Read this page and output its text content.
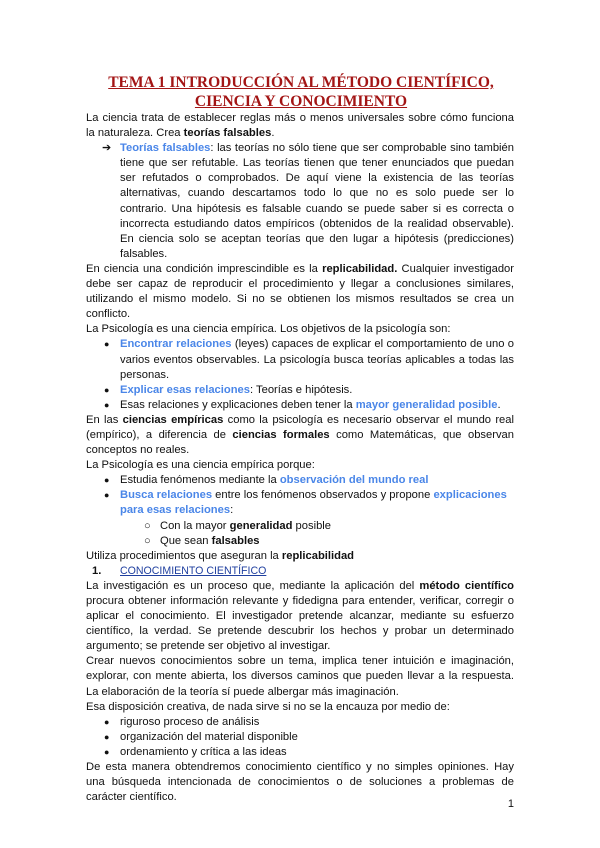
TEMA 1 INTRODUCCIÓN AL MÉTODO CIENTÍFICO,
CIENCIA Y CONOCIMIENTO

La ciencia trata de establecer reglas más o menos universales sobre cómo funciona la naturaleza. Crea teorías falsables.

➔ Teorías falsables: las teorías no sólo tiene que ser comprobable sino también tiene que ser refutable. Las teorías tienen que tener enunciados que puedan ser refutados o comprobados. De aquí viene la existencia de las teorías alternativas, cuando descartamos todo lo que no es solo puede ser lo contrario. Una hipótesis es falsable cuando se puede saber si es correcta o incorrecta estudiando datos empíricos (obtenidos de la realidad observable). En ciencia solo se aceptan teorías que den lugar a hipótesis (predicciones) falsables.

En ciencia una condición imprescindible es la replicabilidad. Cualquier investigador debe ser capaz de reproducir el procedimiento y llegar a conclusiones similares, utilizando el mismo modelo. Si no se obtienen los mismos resultados se crea un conflicto.

La Psicología es una ciencia empírica. Los objetivos de la psicología son:

● Encontrar relaciones (leyes) capaces de explicar el comportamiento de uno o varios eventos observables. La psicología busca teorías aplicables a todas las personas.
● Explicar esas relaciones: Teorías e hipótesis.
● Esas relaciones y explicaciones deben tener la mayor generalidad posible.

En las ciencias empíricas como la psicología es necesario observar el mundo real (empírico), a diferencia de ciencias formales como Matemáticas, que observan conceptos no reales.

La Psicología es una ciencia empírica porque:

● Estudia fenómenos mediante la observación del mundo real
● Busca relaciones entre los fenómenos observados y propone explicaciones para esas relaciones:
○ Con la mayor generalidad posible
○ Que sean falsables

Utiliza procedimientos que aseguran la replicabilidad

1. CONOCIMIENTO CIENTÍFICO

La investigación es un proceso que, mediante la aplicación del método científico procura obtener información relevante y fidedigna para entender, verificar, corregir o aplicar el conocimiento. El investigador pretende alcanzar, mediante su esfuerzo científico, la verdad. Se pretende descubrir los hechos y probar un determinado argumento; se pretende ser objetivo al investigar.

Crear nuevos conocimientos sobre un tema, implica tener intuición e imaginación, explorar, con mente abierta, los diversos caminos que pueden llevar a la respuesta. La elaboración de la teoría sí puede albergar más imaginación.

Esa disposición creativa, de nada sirve si no se la encauza por medio de:

● riguroso proceso de análisis
● organización del material disponible
● ordenamiento y crítica a las ideas

De esta manera obtendremos conocimiento científico y no simples opiniones. Hay una búsqueda intencionada de conocimientos o de soluciones a problemas de carácter científico.

1
